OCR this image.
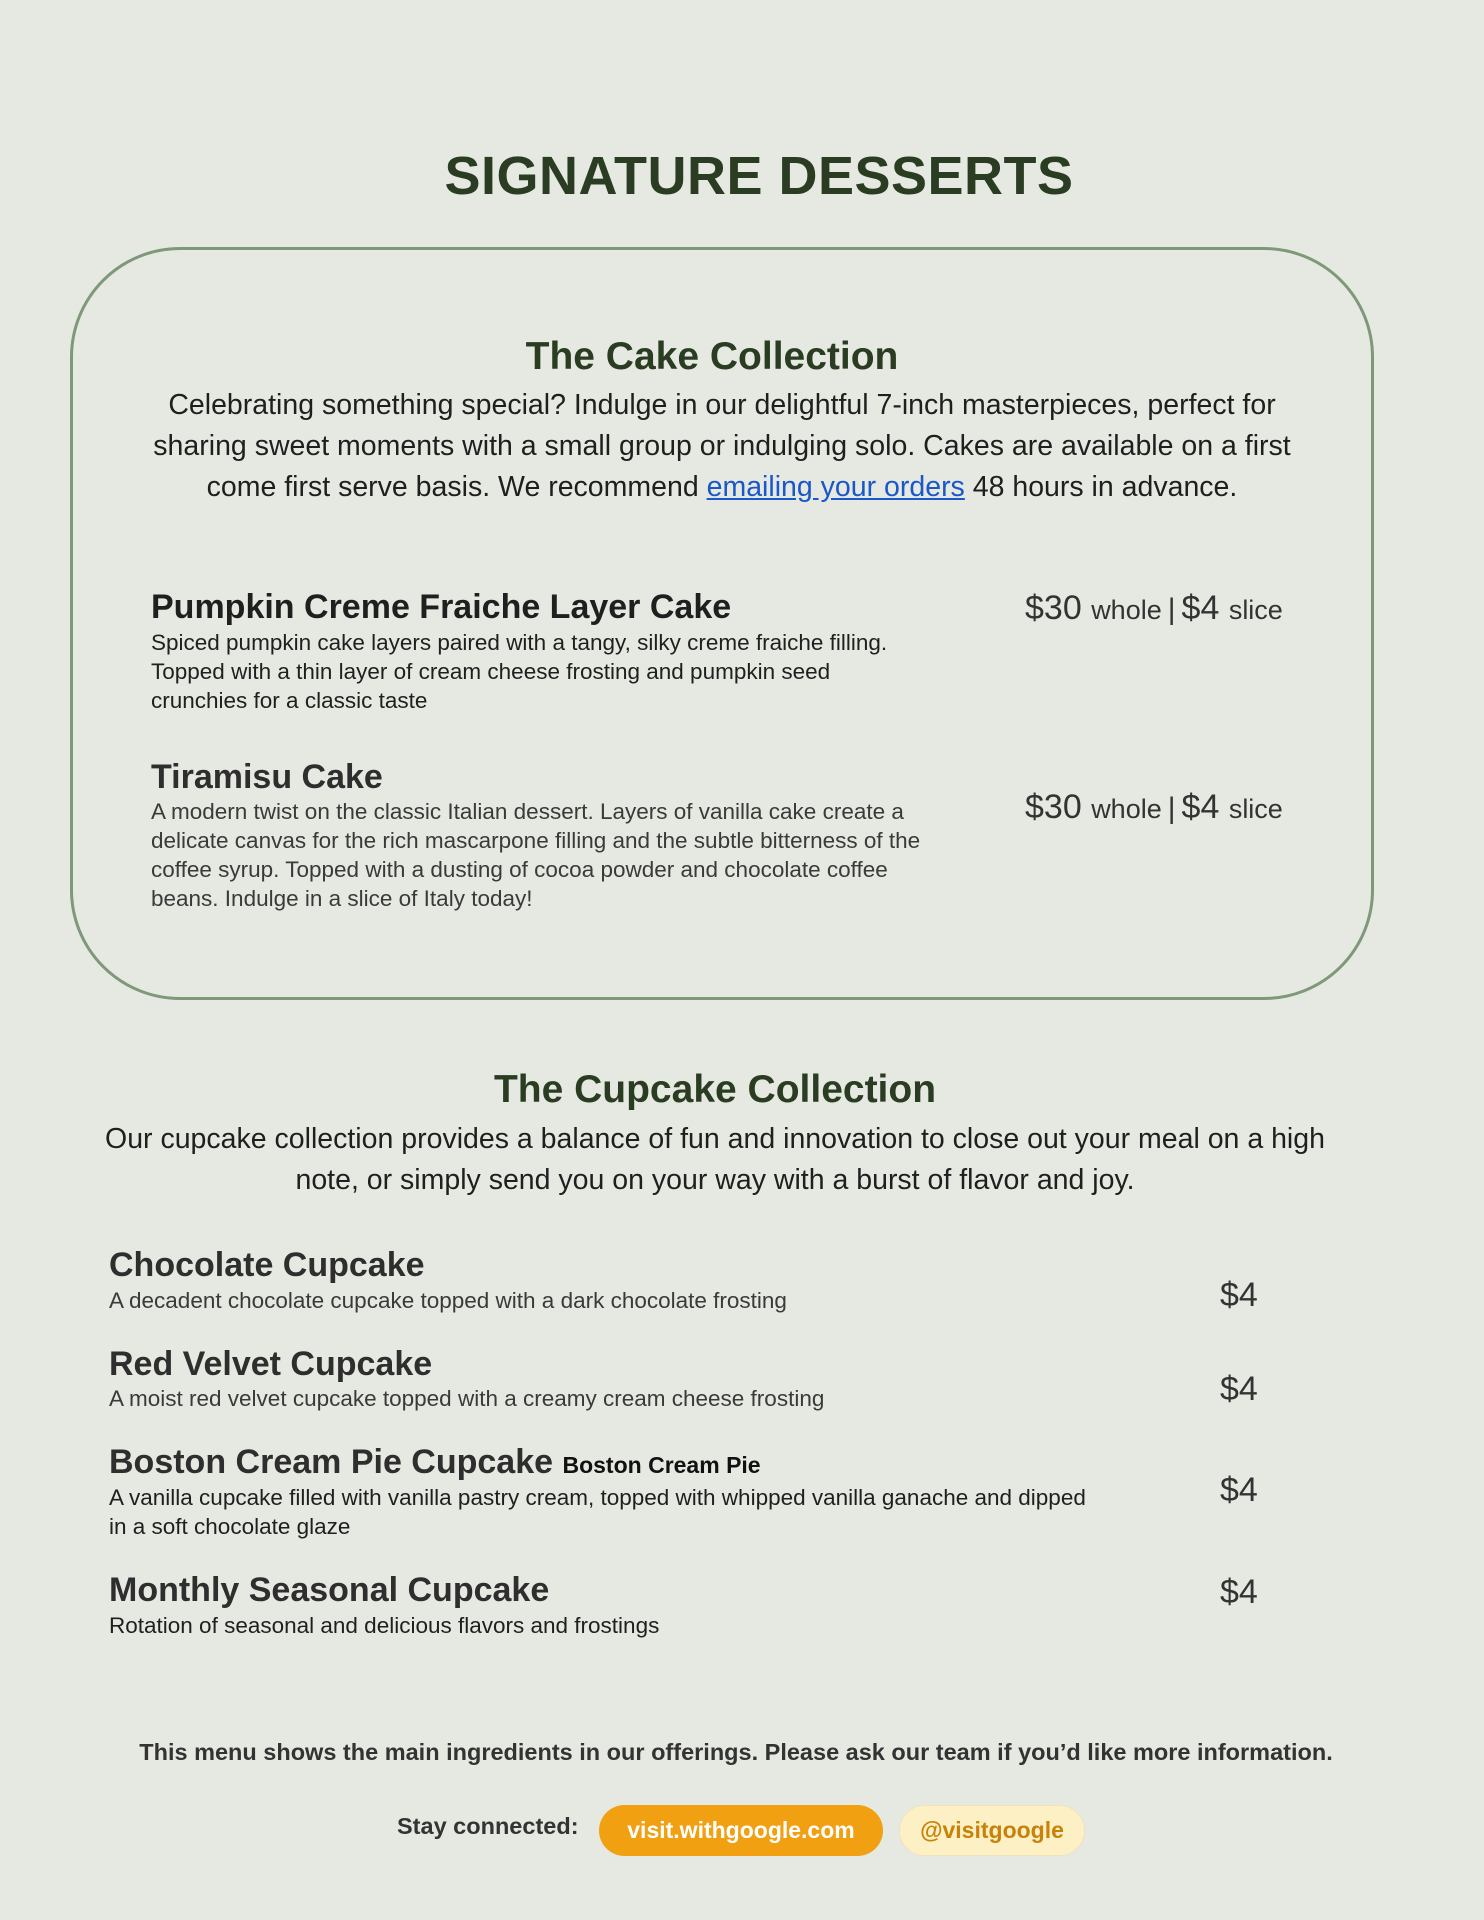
SIGNATURE DESSERTS
The Cake Collection

Celebrating something special? Indulge in our delightful 7-inch masterpieces, perfect for sharing sweet moments with a small group or indulging solo. Cakes are available on a first come first serve basis. We recommend emailing your orders 48 hours in advance.

Pumpkin Creme Fraiche Layer Cake

Spiced pumpkin cake layers paired with a tangy, silky creme fraiche filling. Topped with a thin layer of cream cheese frosting and pumpkin seed crunchies for a classic taste

$30 whole | $4 slice
Tiramisu Cake

A modern twist on the classic Italian dessert. Layers of vanilla cake create a delicate canvas for the rich mascarpone filling and the subtle bitterness of the coffee syrup. Topped with a dusting of cocoa powder and chocolate coffee beans. Indulge in a slice of Italy today!

$30 whole | $4 slice
The Cupcake Collection

Our cupcake collection provides a balance of fun and innovation to close out your meal on a high note, or simply send you on your way with a burst of flavor and joy.

Chocolate Cupcake

A decadent chocolate cupcake topped with a dark chocolate frosting	$4
Red Velvet Cupcake

A moist red velvet cupcake topped with a creamy cream cheese frosting	$4
Boston Cream Pie Cupcake Boston Cream Pie

A vanilla cupcake filled with vanilla pastry cream, topped with whipped vanilla ganache and dipped in a soft chocolate glaze

$4
Monthly Seasonal Cupcake

Rotation of seasonal and delicious flavors and frostings

$4

This menu shows the main ingredients in our offerings. Please ask our team if you’d like more information.

Stay connected:	visit.withgoogle.com	@visitgoogle
